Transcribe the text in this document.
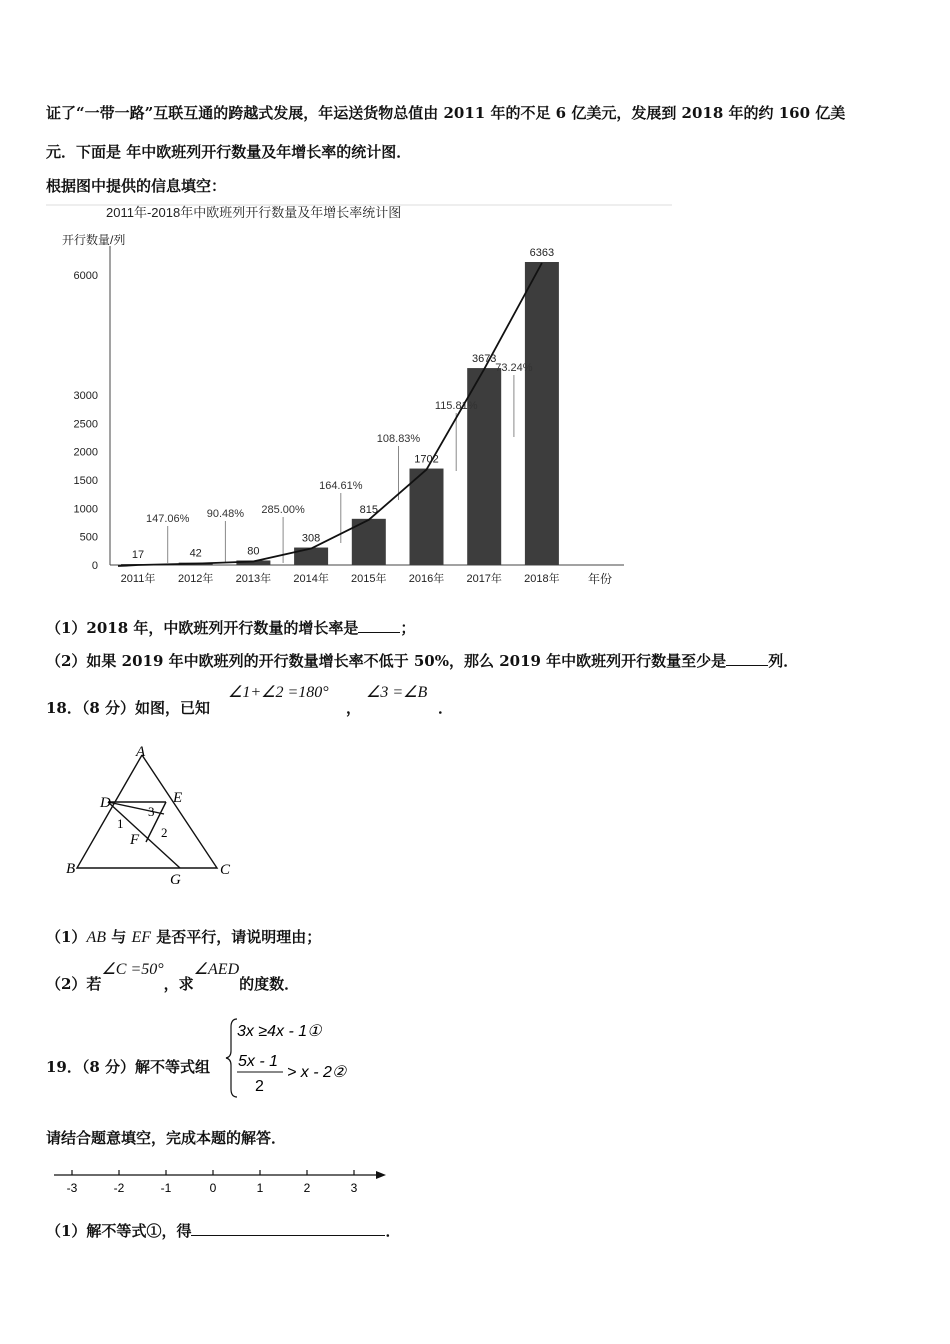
证了“一带一路”互联互通的跨越式发展，年运送货物总值由 2011 年的不足 6 亿美元，发展到 2018 年的约 160 亿美
元．下面是 年中欧班列开行数量及年增长率的统计图．
根据图中提供的信息填空：
2011年-2018年中欧班列开行数量及年增长率统计图
开行数量/列
年份
0
500
1000
1500
2000
2500
3000
6000
17
2011年
42
2012年
80
2013年
308
2014年
815
2015年
1702
2016年
3673
2017年
6363
2018年
147.06% 90.48% 285.00%
164.61%
108.83%
115.81%
73.24%
（1）2018 年，中欧班列开行数量的增长率是	；
（2）如果 2019 年中欧班列的开行数量增长率不低于 50%，那么 2019 年中欧班列开行数量至少是	列．
18．（8 分）如图，已知
∠1+∠2 =180°
，
∠3 =∠B
．
A
D	E
F
B	C
G
1
2
3
（1）AB 与 EF 是否平行，请说明理由；
（2）若∠C =50°，求∠AED的度数．
19．（8 分）解不等式组
3x ≥4x - 1①
5x - 1
2
> x - 2②
请结合题意填空，完成本题的解答．
-3	-2	-1	0	1	2	3
（1）解不等式①，得	．
